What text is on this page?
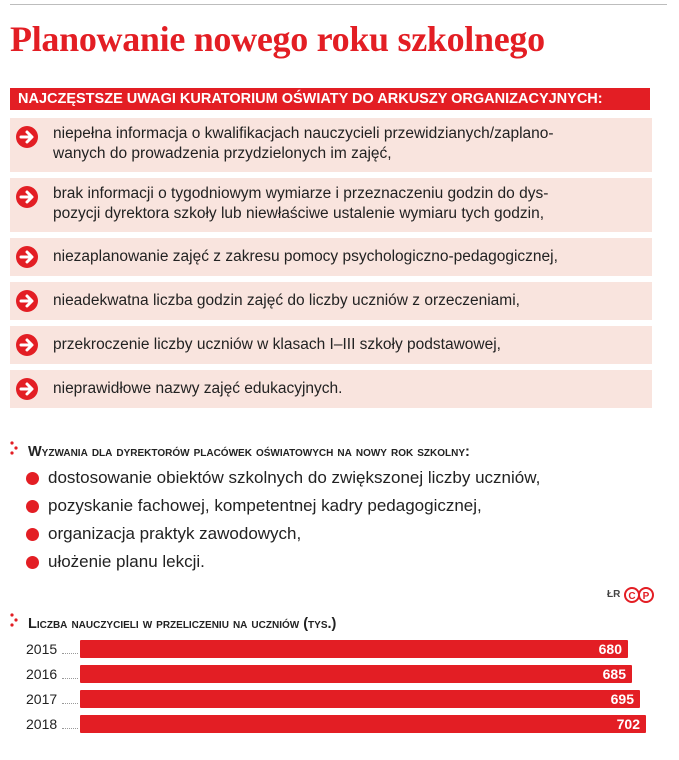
Planowanie nowego roku szkolnego
NAJCZĘSTSZE UWAGI KURATORIUM OŚWIATY DO ARKUSZY ORGANIZACYJNYCH:
niepełna informacja o kwalifikacjach nauczycieli przewidzianych/zaplano-
wanych do prowadzenia przydzielonych im zajęć,
brak informacji o tygodniowym wymiarze i przeznaczeniu godzin do dys-
pozycji dyrektora szkoły lub niewłaściwe ustalenie wymiaru tych godzin,
niezaplanowanie zajęć z zakresu pomocy psychologiczno-pedagogicznej,
nieadekwatna liczba godzin zajęć do liczby uczniów z orzeczeniami,
przekroczenie liczby uczniów w klasach I–III szkoły podstawowej,
nieprawidłowe nazwy zajęć edukacyjnych.
Wyzwania dla dyrektorów placówek oświatowych na nowy rok szkolny:
dostosowanie obiektów szkolnych do zwiększonej liczby uczniów,
pozyskanie fachowej, kompetentnej kadry pedagogicznej,
organizacja praktyk zawodowych,
ułożenie planu lekcji.
ŁR C P
Liczba nauczycieli w przeliczeniu na uczniów (tys.)
2015	680
2016	685
2017	695
2018	702
